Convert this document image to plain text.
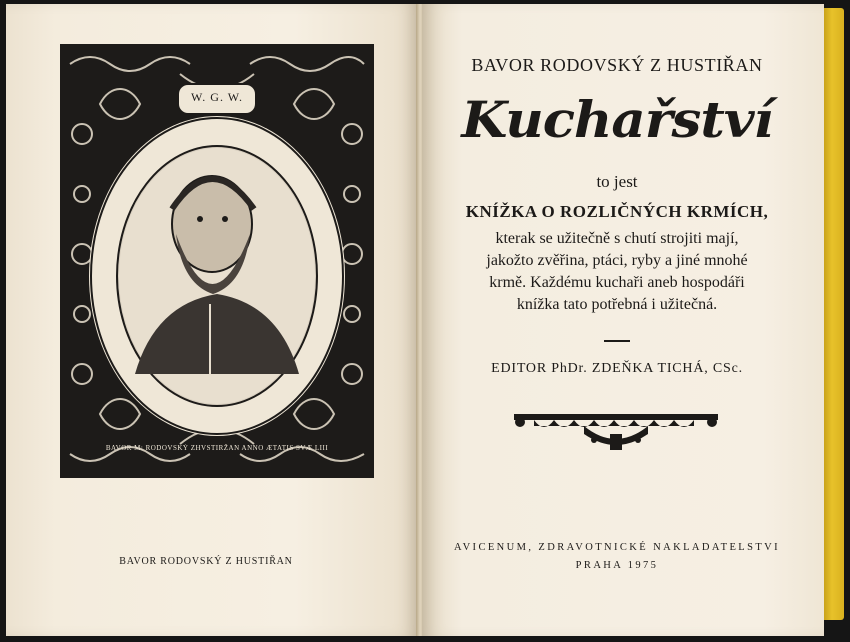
W. G. W.
BAVOR M: RODOVSKÝ ZHVSTIRŽAN ANNO ÆTATIS SVÆ LIII
BAVOR RODOVSKÝ Z HUSTIŘAN
BAVOR RODOVSKÝ Z HUSTIŘAN
Kuchařství
to jest
KNÍŽKA O ROZLIČNÝCH KRMÍCH,
kterak se užitečně s chutí strojiti mají,
jakožto zvěřina, ptáci, ryby a jiné mnohé
krmě. Každému kuchaři aneb hospodáři
knížka tato potřebná i užitečná.
EDITOR PhDr. ZDEŇKA TICHÁ, CSc.
AVICENUM, ZDRAVOTNICKÉ NAKLADATELSTVI
PRAHA 1975
